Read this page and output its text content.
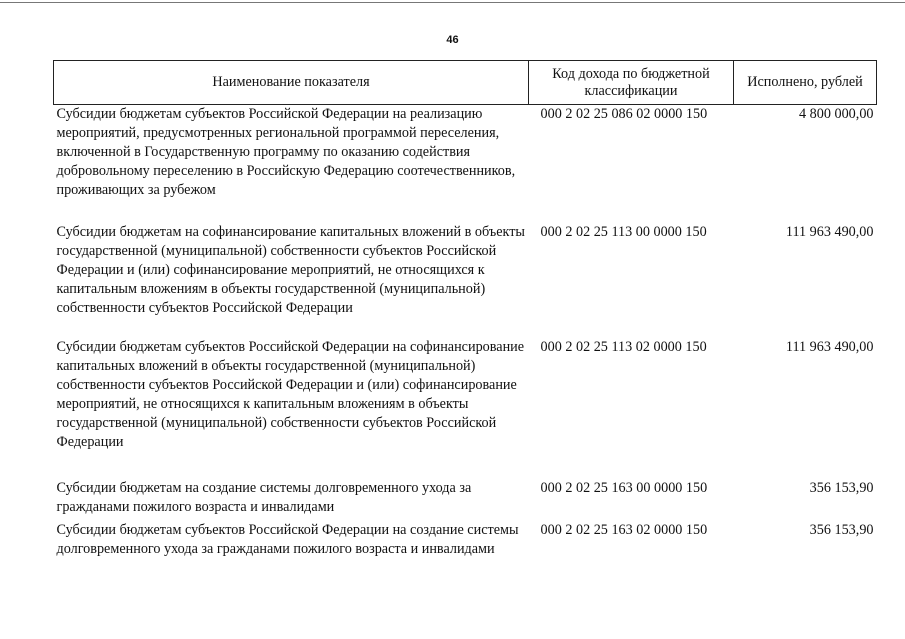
46
Наименование показателя	Код дохода по бюджетной классификации	Исполнено, рублей
Субсидии бюджетам субъектов Российской Федерации на реализацию мероприятий, предусмотренных региональной программой переселения, включенной в Государственную программу по оказанию содействия добровольному переселению в Российскую Федерацию соотечественников, проживающих за рубежом	000 2 02 25 086 02 0000 150	4 800 000,00
Субсидии бюджетам на софинансирование капитальных вложений в объекты государственной (муниципальной) собственности субъектов Российской Федерации и (или) софинансирование мероприятий, не относящихся к капитальным вложениям в объекты государственной (муниципальной) собственности субъектов Российской Федерации	000 2 02 25 113 00 0000 150	111 963 490,00
Субсидии бюджетам субъектов Российской Федерации на софинансирование капитальных вложений в объекты государственной (муниципальной) собственности субъектов Российской Федерации и (или) софинансирование мероприятий, не относящихся к капитальным вложениям в объекты государственной (муниципальной) собственности субъектов Российской Федерации	000 2 02 25 113 02 0000 150	111 963 490,00
Субсидии бюджетам на создание системы долговременного ухода за гражданами пожилого возраста и инвалидами	000 2 02 25 163 00 0000 150	356 153,90
Субсидии бюджетам субъектов Российской Федерации на создание системы долговременного ухода за гражданами пожилого возраста и инвалидами	000 2 02 25 163 02 0000 150	356 153,90
